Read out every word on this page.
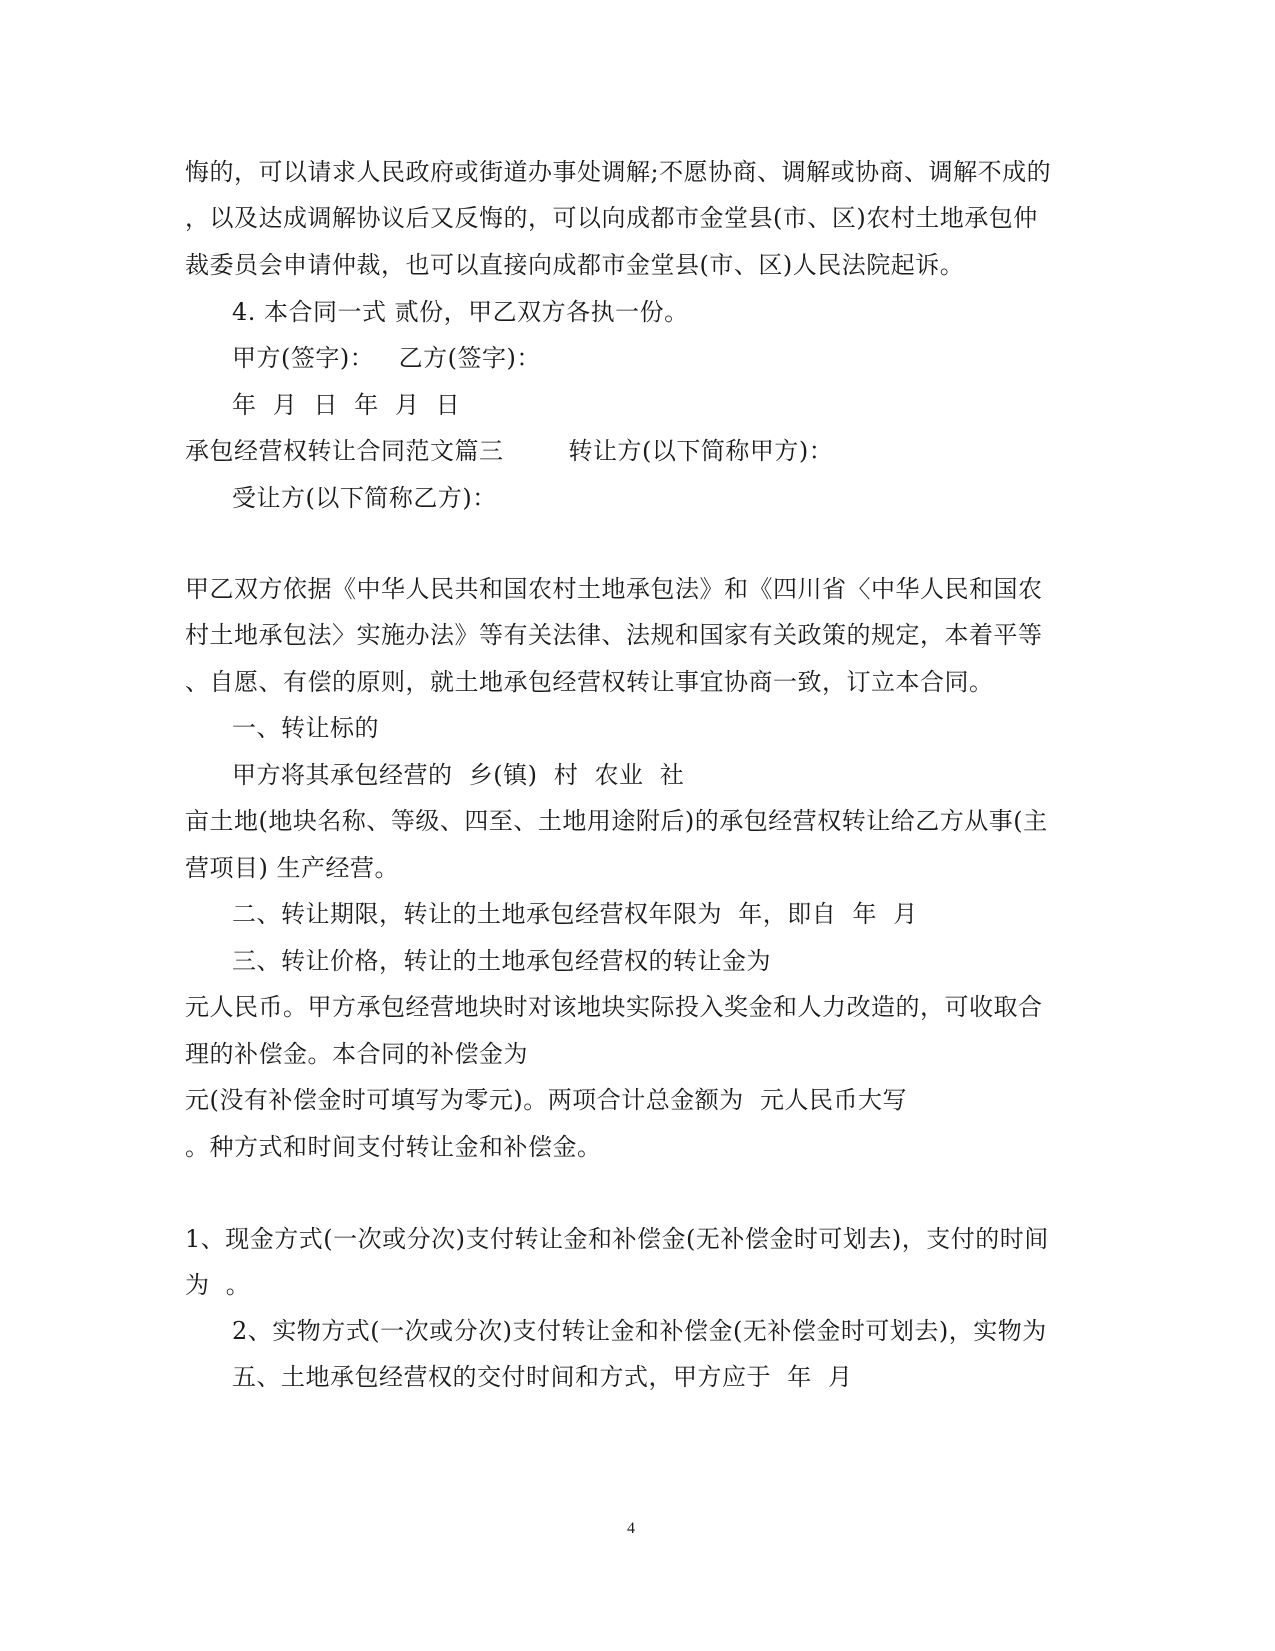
悔的，可以请求人民政府或街道办事处调解;不愿协商、调解或协商、调解不成的
，以及达成调解协议后又反悔的，可以向成都市金堂县(市、区)农村土地承包仲
裁委员会申请仲裁，也可以直接向成都市金堂县(市、区)人民法院起诉。
4. 本合同一式 贰份，甲乙双方各执一份。
甲方(签字)：   乙方(签字)：
年  月  日  年  月  日
承包经营权转让合同范文篇三        转让方(以下简称甲方)：
受让方(以下简称乙方)：
甲乙双方依据《中华人民共和国农村土地承包法》和《四川省〈中华人民和国农
村土地承包法〉实施办法》等有关法律、法规和国家有关政策的规定，本着平等
、自愿、有偿的原则，就土地承包经营权转让事宜协商一致，订立本合同。
一、转让标的
甲方将其承包经营的  乡(镇)  村  农业  社
亩土地(地块名称、等级、四至、土地用途附后)的承包经营权转让给乙方从事(主
营项目) 生产经营。
二、转让期限，转让的土地承包经营权年限为  年，即自  年  月
三、转让价格，转让的土地承包经营权的转让金为
元人民币。甲方承包经营地块时对该地块实际投入奖金和人力改造的，可收取合
理的补偿金。本合同的补偿金为
元(没有补偿金时可填写为零元)。两项合计总金额为  元人民币大写
。种方式和时间支付转让金和补偿金。
1、现金方式(一次或分次)支付转让金和补偿金(无补偿金时可划去)，支付的时间
为  。
2、实物方式(一次或分次)支付转让金和补偿金(无补偿金时可划去)，实物为
五、土地承包经营权的交付时间和方式，甲方应于  年  月
4
